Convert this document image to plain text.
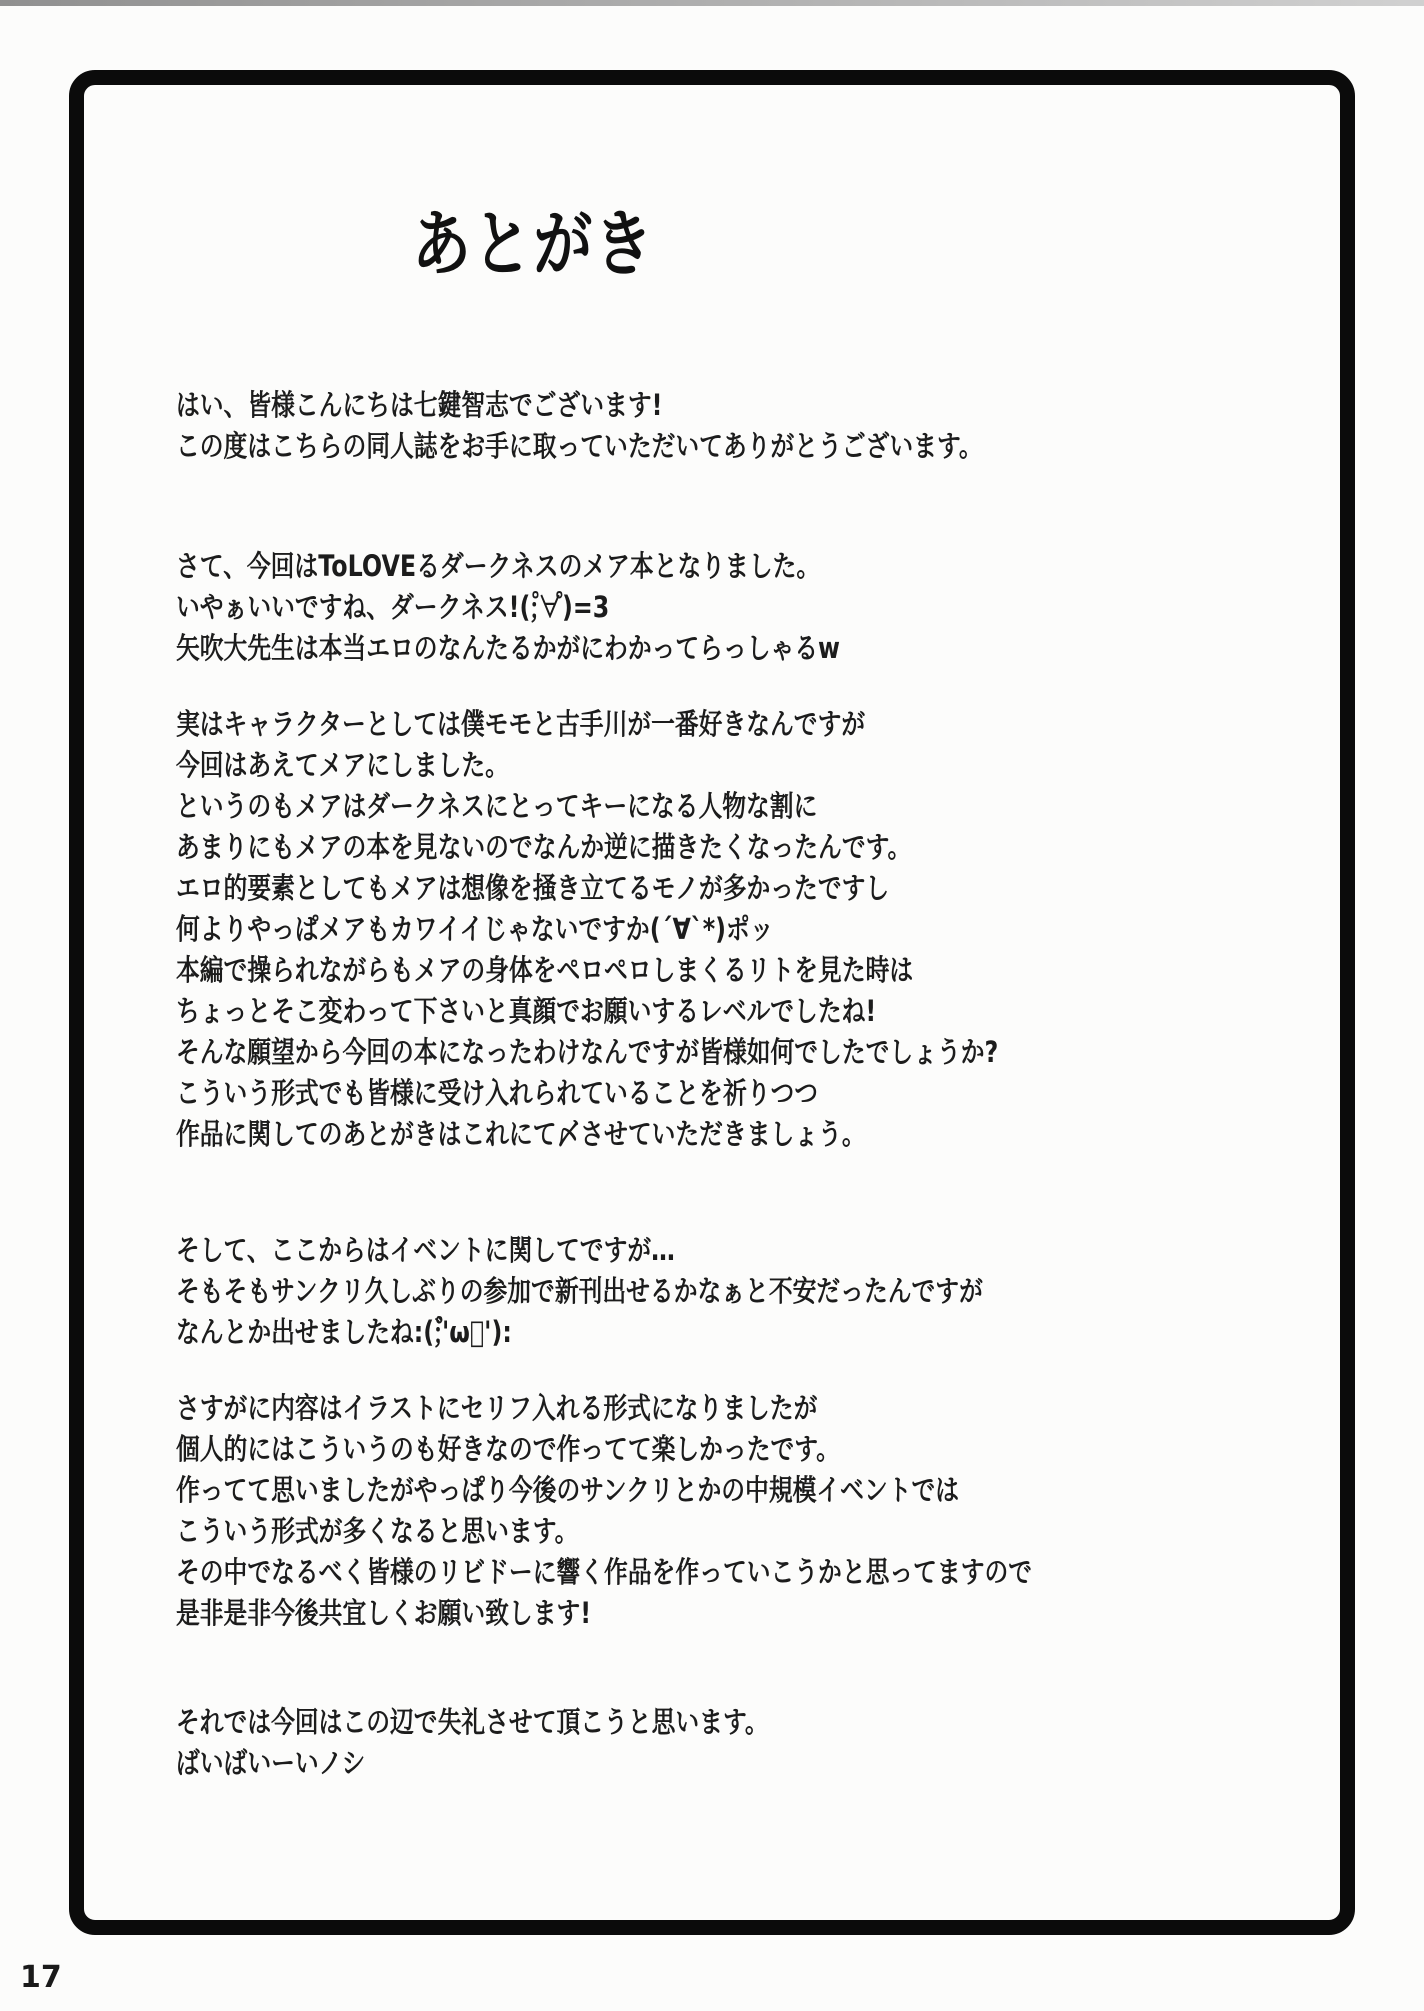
あとがき
はい、皆様こんにちは七鍵智志でございます!
この度はこちらの同人誌をお手に取っていただいてありがとうございます。
さて、今回はToLOVEるダークネスのメア本となりました。
いやぁいいですね、ダークネス!(;゚∀゚)=3
矢吹大先生は本当エロのなんたるかがにわかってらっしゃるw
実はキャラクターとしては僕モモと古手川が一番好きなんですが
今回はあえてメアにしました。
というのもメアはダークネスにとってキーになる人物な割に
あまりにもメアの本を見ないのでなんか逆に描きたくなったんです。
エロ的要素としてもメアは想像を掻き立てるモノが多かったですし
何よりやっぱメアもカワイイじゃないですか(´∀`*)ポッ
本編で操られながらもメアの身体をペロペロしまくるリトを見た時は
ちょっとそこ変わって下さいと真顔でお願いするレベルでしたね!
そんな願望から今回の本になったわけなんですが皆様如何でしたでしょうか?
こういう形式でも皆様に受け入れられていることを祈りつつ
作品に関してのあとがきはこれにて〆させていただきましょう。
そして、ここからはイベントに関してですが…
そもそもサンクリ久しぶりの参加で新刊出せるかなぁと不安だったんですが
なんとか出せましたね:(;゙゚'ω゚'):
さすがに内容はイラストにセリフ入れる形式になりましたが
個人的にはこういうのも好きなので作ってて楽しかったです。
作ってて思いましたがやっぱり今後のサンクリとかの中規模イベントでは
こういう形式が多くなると思います。
その中でなるべく皆様のリビドーに響く作品を作っていこうかと思ってますので
是非是非今後共宜しくお願い致します!
それでは今回はこの辺で失礼させて頂こうと思います。
ばいばいーいノシ
17
